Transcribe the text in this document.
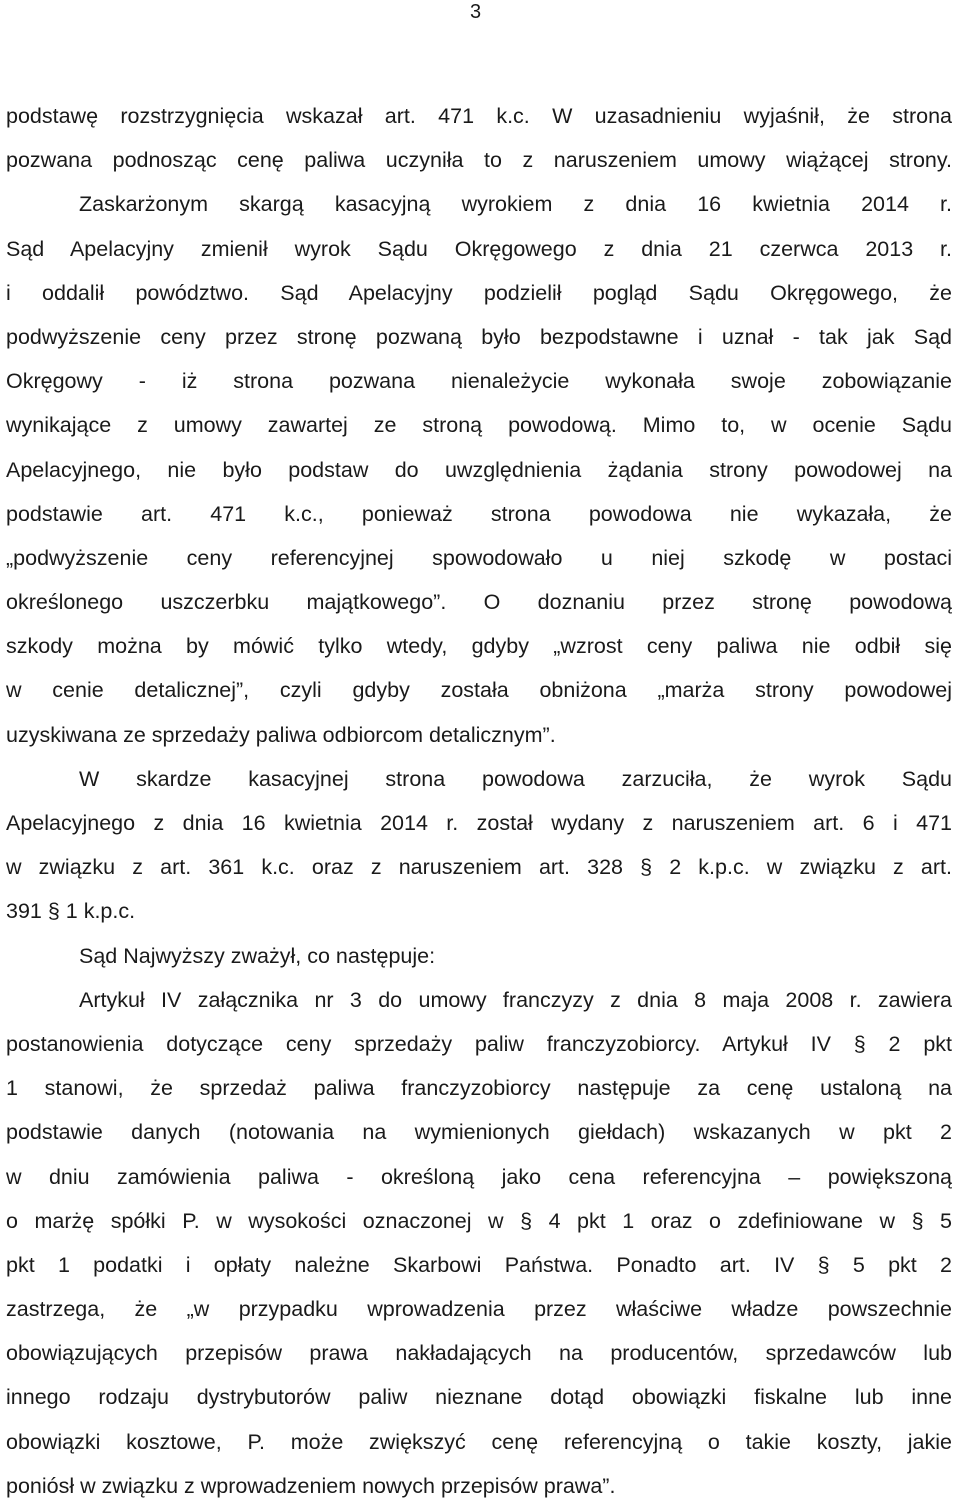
3
podstawę rozstrzygnięcia wskazał art. 471 k.c. W uzasadnieniu wyjaśnił, że strona
pozwana podnosząc cenę paliwa uczyniła to z naruszeniem umowy wiążącej strony.
Zaskarżonym skargą kasacyjną wyrokiem z dnia 16 kwietnia 2014 r.
Sąd Apelacyjny zmienił wyrok Sądu Okręgowego z dnia 21 czerwca 2013 r.
i oddalił powództwo. Sąd Apelacyjny podzielił pogląd Sądu Okręgowego, że
podwyższenie ceny przez stronę pozwaną było bezpodstawne i uznał - tak jak Sąd
Okręgowy - iż strona pozwana nienależycie wykonała swoje zobowiązanie
wynikające z umowy zawartej ze stroną powodową. Mimo to, w ocenie Sądu
Apelacyjnego, nie było podstaw do uwzględnienia żądania strony powodowej na
podstawie art. 471 k.c., ponieważ strona powodowa nie wykazała, że
„podwyższenie ceny referencyjnej spowodowało u niej szkodę w postaci
określonego uszczerbku majątkowego”. O doznaniu przez stronę powodową
szkody można by mówić tylko wtedy, gdyby „wzrost ceny paliwa nie odbił się
w cenie detalicznej”, czyli gdyby została obniżona „marża strony powodowej
uzyskiwana ze sprzedaży paliwa odbiorcom detalicznym”.
W skardze kasacyjnej strona powodowa zarzuciła, że wyrok Sądu
Apelacyjnego z dnia 16 kwietnia 2014 r. został wydany z naruszeniem art. 6 i 471
w związku z art. 361 k.c. oraz z naruszeniem art. 328 § 2 k.p.c. w związku z art.
391 § 1 k.p.c.
Sąd Najwyższy zważył, co następuje:
Artykuł IV załącznika nr 3 do umowy franczyzy z dnia 8 maja 2008 r. zawiera
postanowienia dotyczące ceny sprzedaży paliw franczyzobiorcy. Artykuł IV § 2 pkt
1 stanowi, że sprzedaż paliwa franczyzobiorcy następuje za cenę ustaloną na
podstawie danych (notowania na wymienionych giełdach) wskazanych w pkt 2
w dniu zamówienia paliwa - określoną jako cena referencyjna – powiększoną
o marżę spółki P. w wysokości oznaczonej w § 4 pkt 1 oraz o zdefiniowane w § 5
pkt 1 podatki i opłaty należne Skarbowi Państwa. Ponadto art. IV § 5 pkt 2
zastrzega, że „w przypadku wprowadzenia przez właściwe władze powszechnie
obowiązujących przepisów prawa nakładających na producentów, sprzedawców lub
innego rodzaju dystrybutorów paliw nieznane dotąd obowiązki fiskalne lub inne
obowiązki kosztowe, P. może zwiększyć cenę referencyjną o takie koszty, jakie
poniósł w związku z wprowadzeniem nowych przepisów prawa”.
